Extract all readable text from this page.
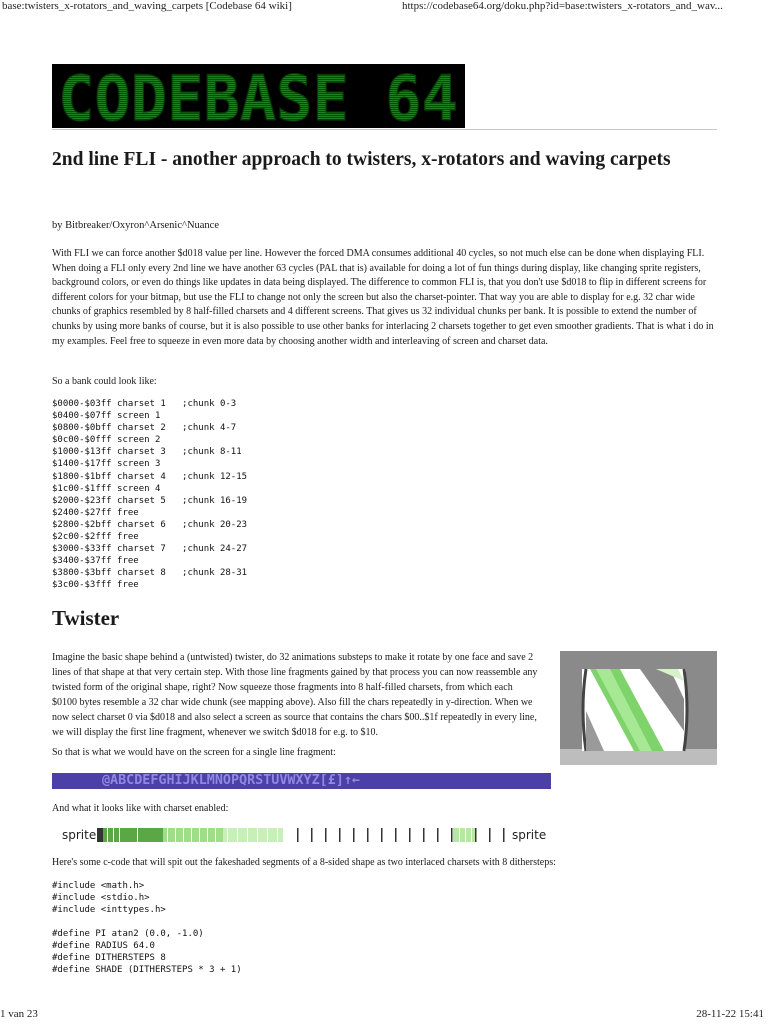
base:twisters_x-rotators_and_waving_carpets [Codebase 64 wiki]	https://codebase64.org/doku.php?id=base:twisters_x-rotators_and_wav...
CODEBASE 64
2nd line FLI - another approach to twisters, x-rotators and waving carpets

by Bitbreaker/Oxyron^Arsenic^Nuance

With FLI we can force another $d018 value per line. However the forced DMA consumes additional 40 cycles, so not much else can be done when displaying FLI. When doing a FLI only every 2nd line we have another 63 cycles (PAL that is) available for doing a lot of fun things during display, like changing sprite registers, background colors, or even do things like updates in data being displayed. The difference to common FLI is, that you don't use $d018 to flip in different screens for different colors for your bitmap, but use the FLI to change not only the screen but also the charset-pointer. That way you are able to display for e.g. 32 char wide chunks of graphics resembled by 8 half-filled charsets and 4 different screens. That gives us 32 individual chunks per bank. It is possible to extend the number of chunks by using more banks of course, but it is also possible to use other banks for interlacing 2 charsets together to get even smoother gradients. That is what i do in my examples. Feel free to squeeze in even more data by choosing another width and interleaving of screen and charset data.

So a bank could look like:

$0000-$03ff charset 1   ;chunk 0-3
$0400-$07ff screen 1
$0800-$0bff charset 2   ;chunk 4-7
$0c00-$0fff screen 2
$1000-$13ff charset 3   ;chunk 8-11
$1400-$17ff screen 3
$1800-$1bff charset 4   ;chunk 12-15
$1c00-$1fff screen 4
$2000-$23ff charset 5   ;chunk 16-19
$2400-$27ff free
$2800-$2bff charset 6   ;chunk 20-23
$2c00-$2fff free
$3000-$33ff charset 7   ;chunk 24-27
$3400-$37ff free
$3800-$3bff charset 8   ;chunk 28-31
$3c00-$3fff free
Twister

Imagine the basic shape behind a (untwisted) twister, do 32 animations substeps to make it rotate by one face and save 2 lines of that shape at that very certain step. With those line fragments gained by that process you can now reassemble any twisted form of the original shape, right? Now squeeze those fragments into 8 half-filled charsets, from which each $0100 bytes resemble a 32 char wide chunk (see mapping above). Also fill the chars repeatedly in y-direction. When we now select charset 0 via $d018 and also select a screen as source that contains the chars $00..$1f repeatedly in every line, we will display the first line fragment, whenever we switch $d018 for e.g. to $10.

So that is what we would have on the screen for a single line fragment:

@ABCDEFGHIJKLMNOPQRSTUVWXYZ[£]↑←

And what it looks like with charset enabled:

sprite	sprite

Here's some c-code that will spit out the fakeshaded segments of a 8-sided shape as two interlaced charsets with 8 dithersteps:

#include <math.h>
#include <stdio.h>
#include <inttypes.h>

#define PI atan2 (0.0, -1.0)
#define RADIUS 64.0
#define DITHERSTEPS 8
#define SHADE (DITHERSTEPS * 3 + 1)
1 van 23	28-11-22 15:41
